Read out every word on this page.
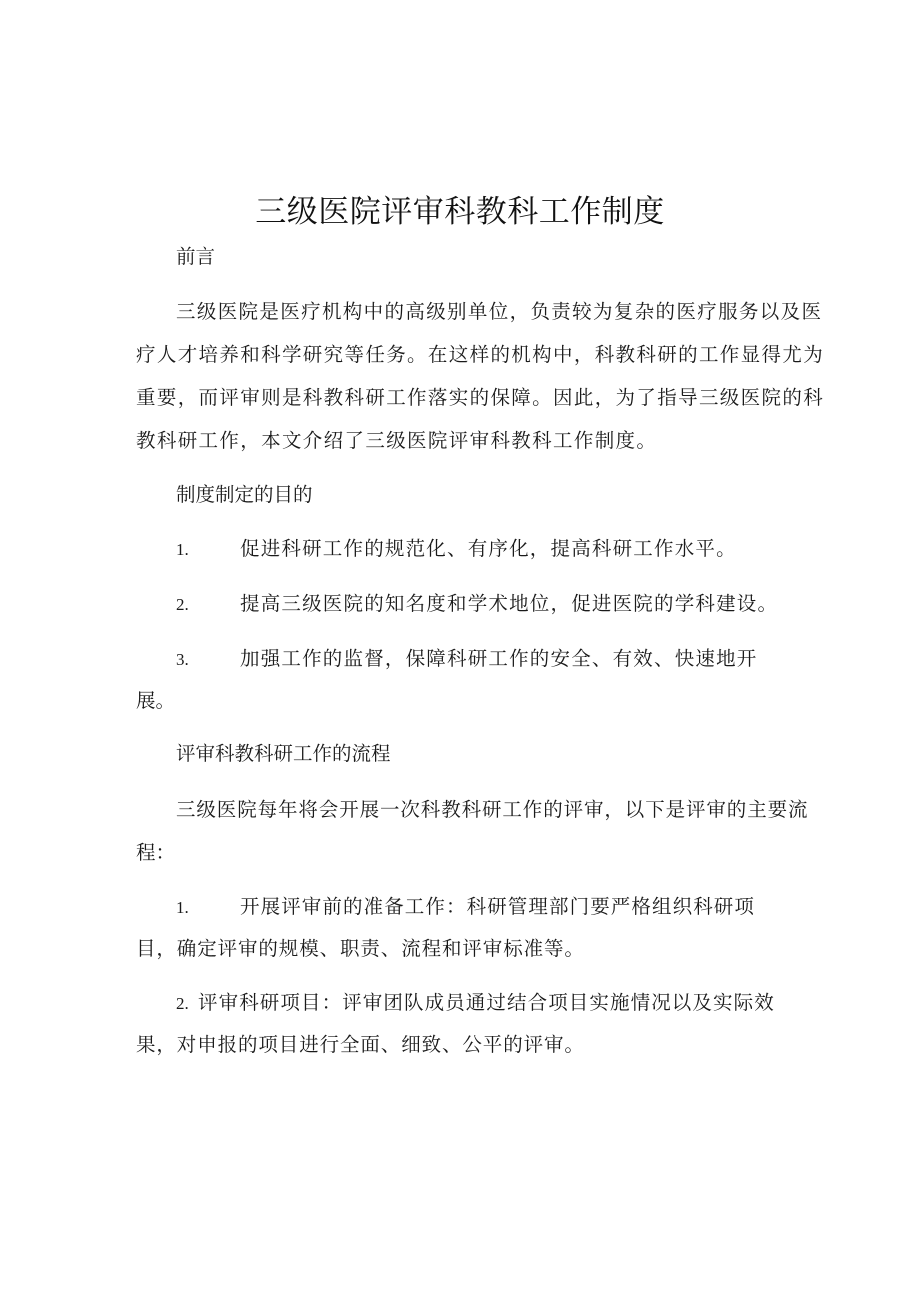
三级医院评审科教科工作制度
前言
三级医院是医疗机构中的高级别单位，负责较为复杂的医疗服务以及医
疗人才培养和科学研究等任务。在这样的机构中，科教科研的工作显得尤为
重要，而评审则是科教科研工作落实的保障。因此，为了指导三级医院的科
教科研工作，本文介绍了三级医院评审科教科工作制度。
制度制定的目的
1.	促进科研工作的规范化、有序化，提高科研工作水平。
2.	提高三级医院的知名度和学术地位，促进医院的学科建设。
3.	加强工作的监督，保障科研工作的安全、有效、快速地开
展。
评审科教科研工作的流程
三级医院每年将会开展一次科教科研工作的评审，以下是评审的主要流
程：
1.	开展评审前的准备工作：科研管理部门要严格组织科研项
目，确定评审的规模、职责、流程和评审标准等。
2. 评审科研项目：评审团队成员通过结合项目实施情况以及实际效
果，对申报的项目进行全面、细致、公平的评审。
